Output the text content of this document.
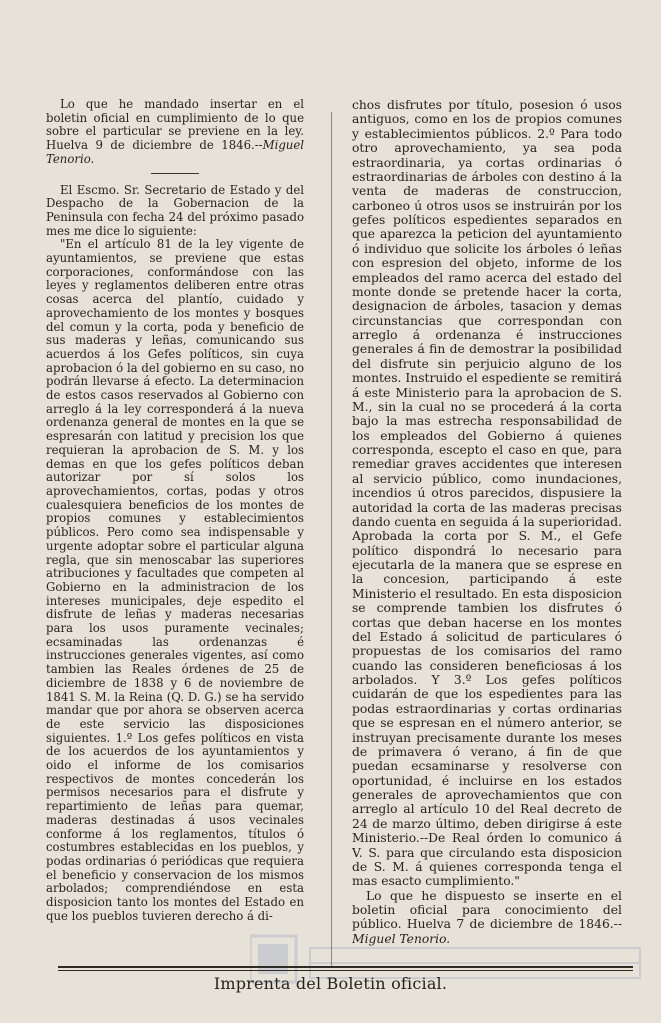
Lo que he mandado insertar en el boletin oficial en cumplimiento de lo que sobre el particular se previene en la ley. Huelva 9 de diciembre de 1846.--Miguel Tenorio.

El Escmo. Sr. Secretario de Estado y del Despacho de la Gobernacion de la Peninsula con fecha 24 del próximo pasado mes me dice lo siguiente:

"En el artículo 81 de la ley vigente de ayuntamientos, se previene que estas corporaciones, conformándose con las leyes y reglamentos deliberen entre otras cosas acerca del plantío, cuidado y aprovechamiento de los montes y bosques del comun y la corta, poda y beneficio de sus maderas y leñas, comunicando sus acuerdos á los Gefes políticos, sin cuya aprobacion ó la del gobierno en su caso, no podrán llevarse á efecto. La determinacion de estos casos reservados al Gobierno con arreglo á la ley corresponderá á la nueva ordenanza general de montes en la que se espresarán con latitud y precision los que requieran la aprobacion de S. M. y los demas en que los gefes políticos deban autorizar por sí solos los aprovechamientos, cortas, podas y otros cualesquiera beneficios de los montes de propios comunes y establecimientos públicos. Pero como sea indispensable y urgente adoptar sobre el particular alguna regla, que sin menoscabar las superiores atribuciones y facultades que competen al Gobierno en la administracion de los intereses municipales, deje espedito el disfrute de leñas y maderas necesarias para los usos puramente vecinales; ecsaminadas las ordenanzas é instrucciones generales vigentes, así como tambien las Reales órdenes de 25 de diciembre de 1838 y 6 de noviembre de 1841 S. M. la Reina (Q. D. G.) se ha servido mandar que por ahora se observen acerca de este servicio las disposiciones siguientes. 1.º Los gefes políticos en vista de los acuerdos de los ayuntamientos y oido el informe de los comisarios respectivos de montes concederán los permisos necesarios para el disfrute y repartimiento de leñas para quemar, maderas destinadas á usos vecinales conforme á los reglamentos, títulos ó costumbres establecidas en los pueblos, y podas ordinarias ó periódicas que requiera el beneficio y conservacion de los mismos arbolados; comprendiéndose en esta disposicion tanto los montes del Estado en que los pueblos tuvieren derecho á di-

chos disfrutes por título, posesion ó usos antiguos, como en los de propios comunes y establecimientos públicos. 2.º Para todo otro aprovechamiento, ya sea poda estraordinaria, ya cortas ordinarias ó estraordinarias de árboles con destino á la venta de maderas de construccion, carboneo ú otros usos se instruirán por los gefes políticos espedientes separados en que aparezca la peticion del ayuntamiento ó individuo que solicite los árboles ó leñas con espresion del objeto, informe de los empleados del ramo acerca del estado del monte donde se pretende hacer la corta, designacion de árboles, tasacion y demas circunstancias que correspondan con arreglo á ordenanza é instrucciones generales á fin de demostrar la posibilidad del disfrute sin perjuicio alguno de los montes. Instruido el espediente se remitirá á este Ministerio para la aprobacion de S. M., sin la cual no se procederá á la corta bajo la mas estrecha responsabilidad de los empleados del Gobierno á quienes corresponda, escepto el caso en que, para remediar graves accidentes que interesen al servicio público, como inundaciones, incendios ú otros parecidos, dispusiere la autoridad la corta de las maderas precisas dando cuenta en seguida á la superioridad. Aprobada la corta por S. M., el Gefe político dispondrá lo necesario para ejecutarla de la manera que se esprese en la concesion, participando á este Ministerio el resultado. En esta disposicion se comprende tambien los disfrutes ó cortas que deban hacerse en los montes del Estado á solicitud de particulares ó propuestas de los comisarios del ramo cuando las consideren beneficiosas á los arbolados. Y 3.º Los gefes políticos cuidarán de que los espedientes para las podas estraordinarias y cortas ordinarias que se espresan en el número anterior, se instruyan precisamente durante los meses de primavera ó verano, á fin de que puedan ecsaminarse y resolverse con oportunidad, é incluirse en los estados generales de aprovechamientos que con arreglo al artículo 10 del Real decreto de 24 de marzo último, deben dirigirse á este Ministerio.--De Real órden lo comunico á V. S. para que circulando esta disposicion de S. M. á quienes corresponda tenga el mas esacto cumplimiento."

Lo que he dispuesto se inserte en el boletin oficial para conocimiento del público. Huelva 7 de diciembre de 1846.--Miguel Tenorio.

Imprenta del Boletin oficial.
